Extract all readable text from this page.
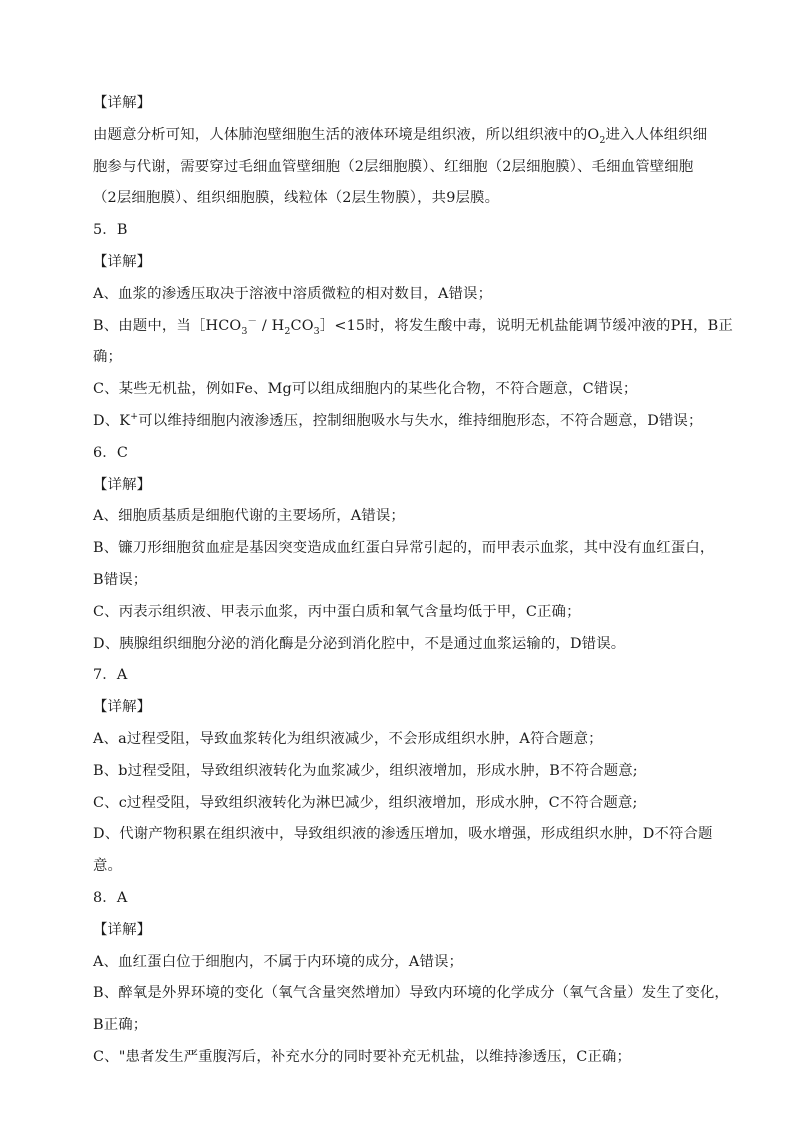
【详解】
由题意分析可知，人体肺泡壁细胞生活的液体环境是组织液，所以组织液中的$O_2$进入人体组织细
胞参与代谢，需要穿过毛细血管壁细胞（2层细胞膜）、红细胞（2层细胞膜）、毛细血管壁细胞
（2层细胞膜）、组织细胞膜，线粒体（2层生物膜），共9层膜。
5．B
【详解】
A、血浆的渗透压取决于溶液中溶质微粒的相对数目，A错误；
B、由题中，当$[HCO_3^-$ / $H_2CO_3]<15$时，将发生酸中毒，说明无机盐能调节缓冲液的PH，B正
确；
C、某些无机盐，例如Fe、Mg可以组成细胞内的某些化合物，不符合题意，C错误；
D、K+可以维持细胞内液渗透压，控制细胞吸水与失水，维持细胞形态，不符合题意，D错误；
6．C
【详解】
A、细胞质基质是细胞代谢的主要场所，A错误；
B、镰刀形细胞贫血症是基因突变造成血红蛋白异常引起的，而甲表示血浆，其中没有血红蛋白，
B错误；
C、丙表示组织液、甲表示血浆，丙中蛋白质和氧气含量均低于甲，C正确；
D、胰腺组织细胞分泌的消化酶是分泌到消化腔中，不是通过血浆运输的，D错误。
7．A
【详解】
A、a过程受阻，导致血浆转化为组织液减少，不会形成组织水肿，A符合题意；
B、b过程受阻，导致组织液转化为血浆减少，组织液增加，形成水肿，B不符合题意;
C、c过程受阻，导致组织液转化为淋巴减少，组织液增加，形成水肿，C不符合题意;
D、代谢产物积累在组织液中，导致组织液的渗透压增加，吸水增强，形成组织水肿，D不符合题
意。
8．A
【详解】
A、血红蛋白位于细胞内，不属于内环境的成分，A错误；
B、醉氧是外界环境的变化（氧气含量突然增加）导致内环境的化学成分（氧气含量）发生了变化，
B正确；
C、"患者发生严重腹泻后，补充水分的同时要补充无机盐，以维持渗透压，C正确；
